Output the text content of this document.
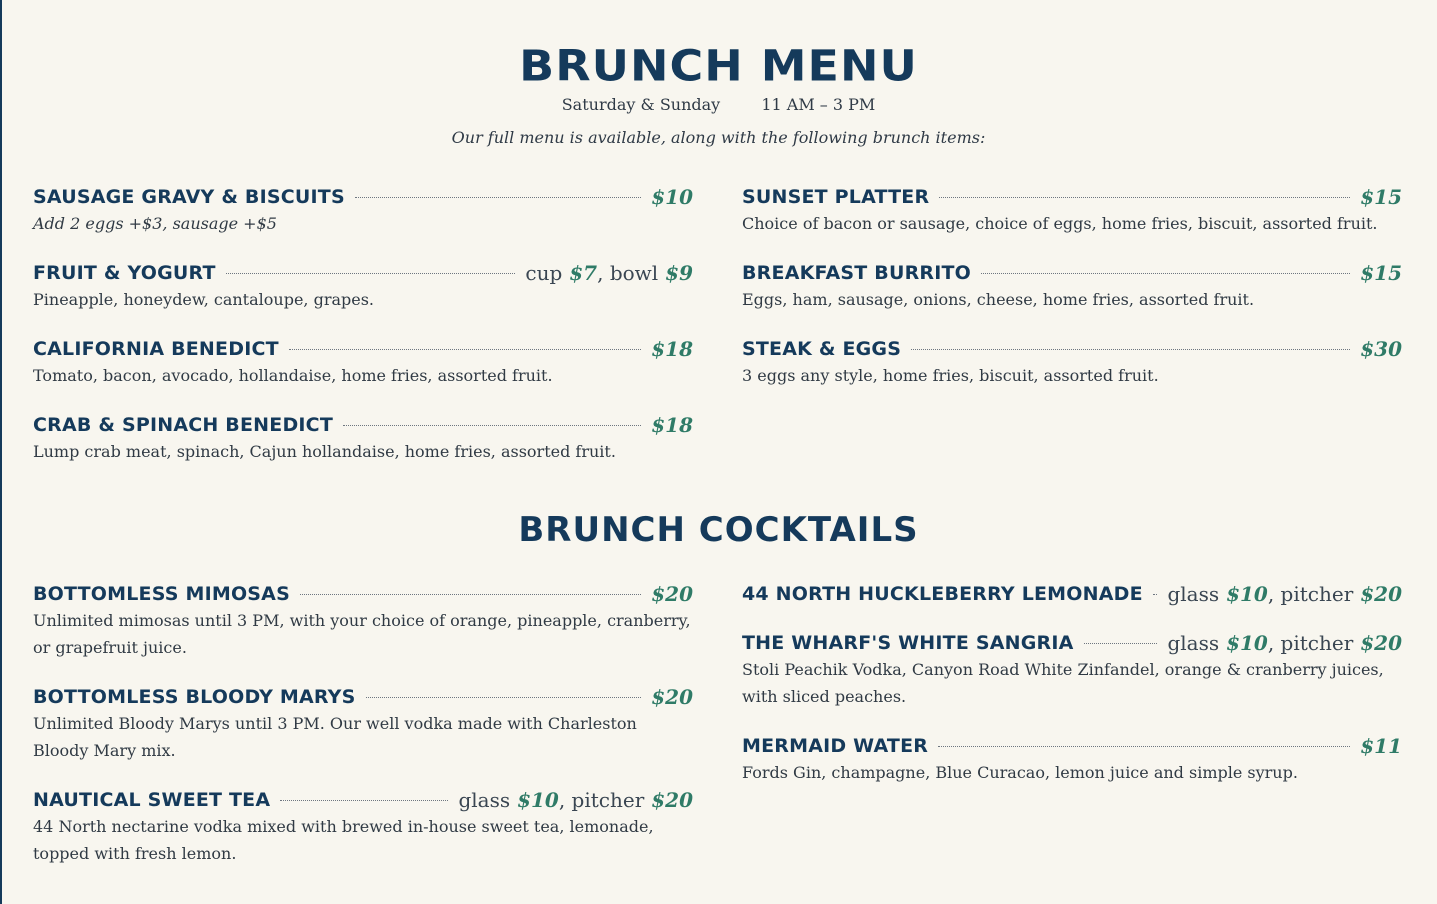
BRUNCH MENU
Saturday & Sunday	11 AM – 3 PM
Our full menu is available, along with the following brunch items:
SAUSAGE GRAVY & BISCUITS	$10
Add 2 eggs +$3, sausage +$5
FRUIT & YOGURT	cup $7, bowl $9
Pineapple, honeydew, cantaloupe, grapes.
CALIFORNIA BENEDICT	$18
Tomato, bacon, avocado, hollandaise, home fries, assorted fruit.
CRAB & SPINACH BENEDICT	$18
Lump crab meat, spinach, Cajun hollandaise, home fries, assorted fruit.
SUNSET PLATTER	$15
Choice of bacon or sausage, choice of eggs, home fries, biscuit, assorted fruit.
BREAKFAST BURRITO	$15
Eggs, ham, sausage, onions, cheese, home fries, assorted fruit.
STEAK & EGGS	$30
3 eggs any style, home fries, biscuit, assorted fruit.
BRUNCH COCKTAILS
BOTTOMLESS MIMOSAS	$20
Unlimited mimosas until 3 PM, with your choice of orange, pineapple, cranberry, or grapefruit juice.
BOTTOMLESS BLOODY MARYS	$20
Unlimited Bloody Marys until 3 PM. Our well vodka made with Charleston Bloody Mary mix.
NAUTICAL SWEET TEA	glass $10, pitcher $20
44 North nectarine vodka mixed with brewed in-house sweet tea, lemonade, topped with fresh lemon.
44 NORTH HUCKLEBERRY LEMONADE glass $10, pitcher $20
THE WHARF'S WHITE SANGRIA	glass $10, pitcher $20
Stoli Peachik Vodka, Canyon Road White Zinfandel, orange & cranberry juices, with sliced peaches.
MERMAID WATER	$11
Fords Gin, champagne, Blue Curacao, lemon juice and simple syrup.
